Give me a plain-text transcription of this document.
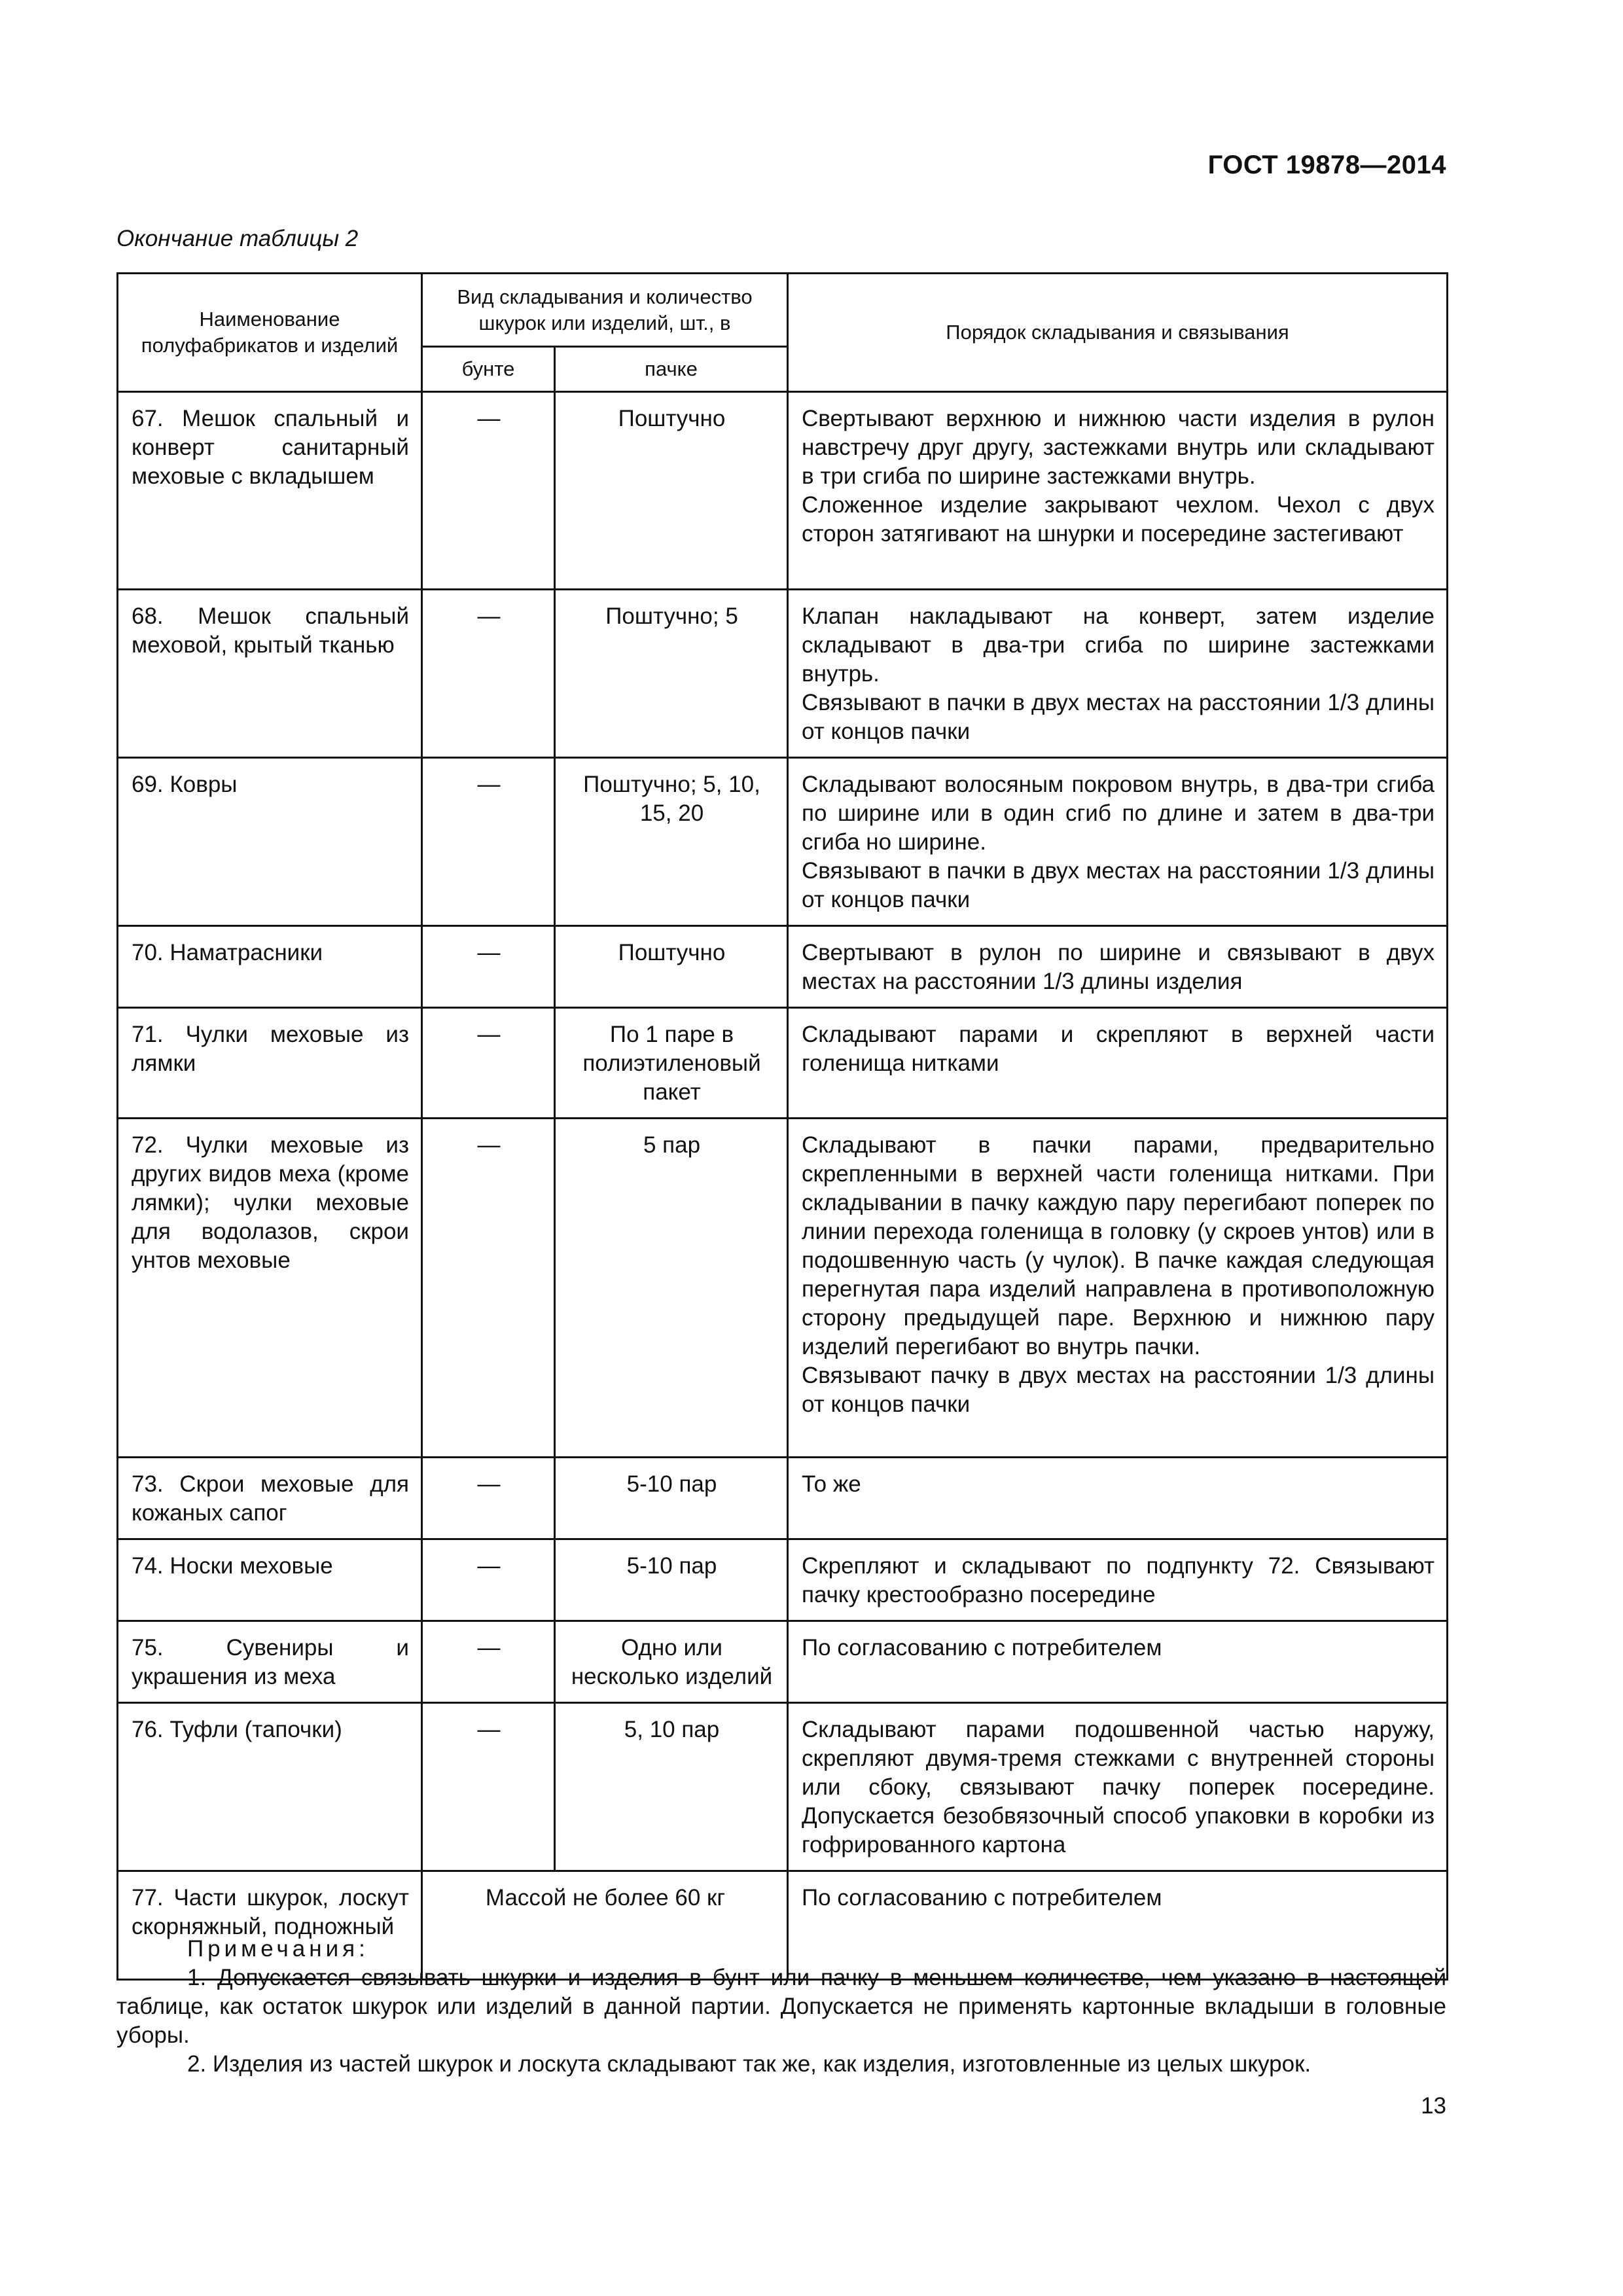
ГОСТ 19878—2014
Окончание таблицы 2
Наименование полуфабрикатов и изделий	Вид складывания и количество шкурок или изделий, шт., в		Порядок складывания и связывания
	бунте	пачке	
67. Мешок спальный и конверт санитарный меховые с вкладышем	—	Поштучно	Свертывают верхнюю и нижнюю части изделия в рулон навстречу друг другу, застежками внутрь или складывают в три сгиба по ширине застежками внутрь.

Сложенное изделие закрывают чехлом. Чехол с двух сторон затягивают на шнурки и посередине застегивают

68. Мешок спальный меховой, крытый тканью	—	Поштучно; 5	Клапан накладывают на конверт, затем изделие складывают в два-три сгиба по ширине застежками внутрь.

Связывают в пачки в двух местах на расстоянии 1/3 длины от концов пачки

69. Ковры	—	Поштучно; 5, 10, 15, 20	Складывают волосяным покровом внутрь, в два-три сгиба по ширине или в один сгиб по длине и затем в два-три сгиба но ширине.

Связывают в пачки в двух местах на расстоянии 1/3 длины от концов пачки

70. Наматрасники	—	Поштучно	Свертывают в рулон по ширине и связывают в двух местах на расстоянии 1/3 длины изделия

71. Чулки меховые из лямки	—	По 1 паре в полиэтиленовый пакет	Складывают парами и скрепляют в верхней части голенища нитками

72. Чулки меховые из других видов меха (кроме лямки); чулки меховые для водолазов, скрои унтов меховые	—	5 пар	Складывают в пачки парами, предварительно скрепленными в верхней части голенища нитками. При складывании в пачку каждую пару перегибают поперек по линии перехода голенища в головку (у скроев унтов) или в подошвенную часть (у чулок). В пачке каждая следующая перегнутая пара изделий направлена в противоположную сторону предыдущей паре. Верхнюю и нижнюю пару изделий перегибают во внутрь пачки.

Связывают пачку в двух местах на расстоянии 1/3 длины от концов пачки

73. Скрои меховые для кожаных сапог	—	5-10 пар	То же

74. Носки меховые	—	5-10 пар	Скрепляют и складывают по подпункту 72. Связывают пачку крестообразно посередине

75. Сувениры и украшения из меха	—	Одно или несколько изделий	По согласованию с потребителем

76. Туфли (тапочки)	—	5, 10 пар	Складывают парами подошвенной частью наружу, скрепляют двумя-тремя стежками с внутренней стороны или сбоку, связывают пачку поперек посередине. Допускается безобвязочный способ упаковки в коробки из гофрированного картона

77. Части шкурок, лоскут скорняжный, подножный	Массой не более 60 кг		По согласованию с потребителем

Примечания:

1. Допускается связывать шкурки и изделия в бунт или пачку в меньшем количестве, чем указано в настоящей таблице, как остаток шкурок или изделий в данной партии. Допускается не применять картонные вкладыши в головные уборы.

2. Изделия из частей шкурок и лоскута складывают так же, как изделия, изготовленные из целых шкурок.

13
